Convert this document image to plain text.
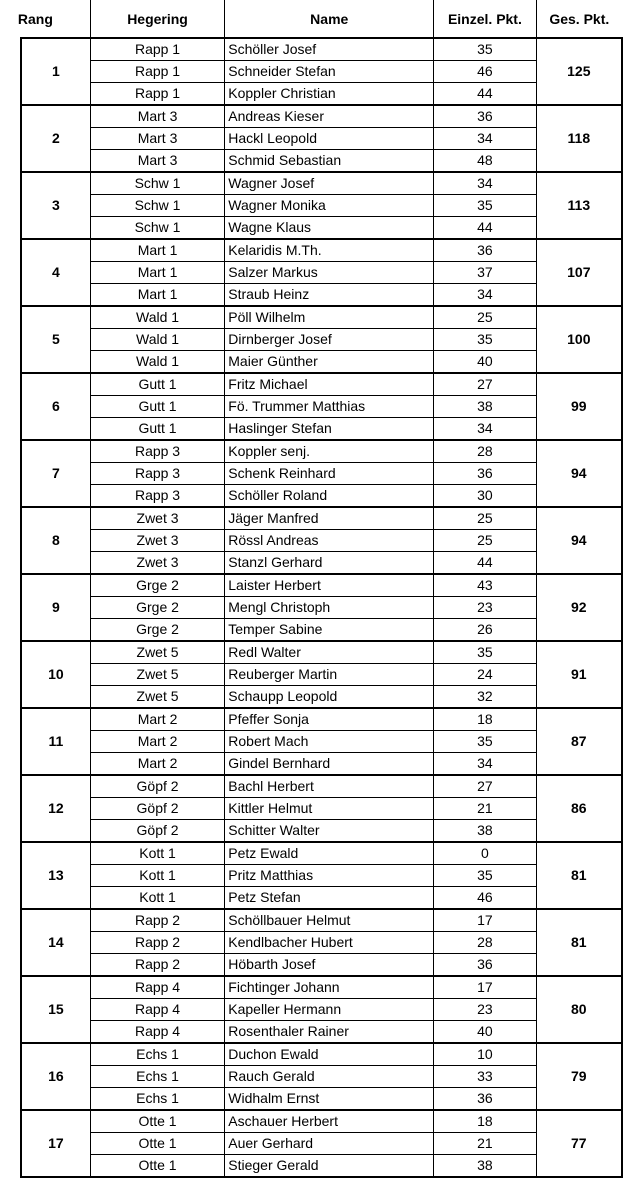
Rang	Hegering	Name	Einzel. Pkt.	Ges. Pkt.
1	Rapp 1	Schöller Josef	35	125
Rapp 1	Schneider Stefan	46
Rapp 1	Koppler Christian	44
2	Mart 3	Andreas Kieser	36	118
Mart 3	Hackl Leopold	34
Mart 3	Schmid Sebastian	48
3	Schw 1	Wagner Josef	34	113
Schw 1	Wagner Monika	35
Schw 1	Wagne Klaus	44
4	Mart 1	Kelaridis M.Th.	36	107
Mart 1	Salzer Markus	37
Mart 1	Straub Heinz	34
5	Wald 1	Pöll Wilhelm	25	100
Wald 1	Dirnberger Josef	35
Wald 1	Maier Günther	40
6	Gutt 1	Fritz Michael	27	99
Gutt 1	Fö. Trummer Matthias	38
Gutt 1	Haslinger Stefan	34
7	Rapp 3	Koppler senj.	28	94
Rapp 3	Schenk Reinhard	36
Rapp 3	Schöller Roland	30
8	Zwet 3	Jäger Manfred	25	94
Zwet 3	Rössl Andreas	25
Zwet 3	Stanzl Gerhard	44
9	Grge 2	Laister Herbert	43	92
Grge 2	Mengl Christoph	23
Grge 2	Temper Sabine	26
10	Zwet 5	Redl Walter	35	91
Zwet 5	Reuberger Martin	24
Zwet 5	Schaupp Leopold	32
11	Mart 2	Pfeffer Sonja	18	87
Mart 2	Robert Mach	35
Mart 2	Gindel Bernhard	34
12	Göpf 2	Bachl Herbert	27	86
Göpf 2	Kittler Helmut	21
Göpf 2	Schitter Walter	38
13	Kott 1	Petz Ewald	0	81
Kott 1	Pritz Matthias	35
Kott 1	Petz Stefan	46
14	Rapp 2	Schöllbauer Helmut	17	81
Rapp 2	Kendlbacher Hubert	28
Rapp 2	Höbarth Josef	36
15	Rapp 4	Fichtinger Johann	17	80
Rapp 4	Kapeller Hermann	23
Rapp 4	Rosenthaler Rainer	40
16	Echs 1	Duchon Ewald	10	79
Echs 1	Rauch Gerald	33
Echs 1	Widhalm Ernst	36
17	Otte 1	Aschauer Herbert	18	77
Otte 1	Auer Gerhard	21
Otte 1	Stieger Gerald	38
